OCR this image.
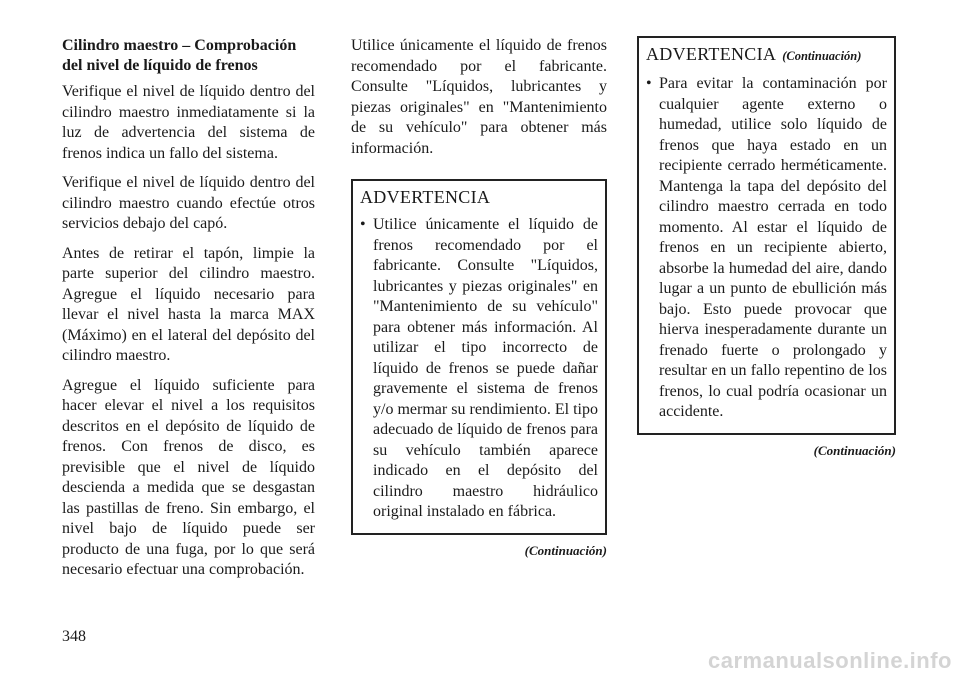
Cilindro maestro – Comprobación
del nivel de líquido de frenos

Verifique el nivel de líquido dentro del cilindro maestro inmediatamente si la luz de advertencia del sistema de frenos indica un fallo del sistema.

Verifique el nivel de líquido dentro del cilindro maestro cuando efectúe otros servicios debajo del capó.

Antes de retirar el tapón, limpie la parte superior del cilindro maestro. Agregue el líquido necesario para llevar el nivel hasta la marca MAX (Máximo) en el lateral del depósito del cilindro maestro.

Agregue el líquido suficiente para hacer elevar el nivel a los requisitos descritos en el depósito de líquido de frenos. Con frenos de disco, es previsible que el nivel de líquido descienda a medida que se desgastan las pastillas de freno. Sin embargo, el nivel bajo de líquido puede ser producto de una fuga, por lo que será necesario efectuar una comprobación.

Utilice únicamente el líquido de frenos recomendado por el fabricante. Consulte "Líquidos, lubricantes y piezas originales" en "Mantenimiento de su vehículo" para obtener más información.

ADVERTENCIA
• Utilice únicamente el líquido de frenos recomendado por el fabricante. Consulte "Líquidos, lubricantes y piezas originales" en "Mantenimiento de su vehículo" para obtener más información. Al utilizar el tipo incorrecto de líquido de frenos se puede dañar gravemente el sistema de frenos y/o mermar su rendimiento. El tipo adecuado de líquido de frenos para su vehículo también aparece indicado en el depósito del cilindro maestro hidráulico original instalado en fábrica.
(Continuación)
ADVERTENCIA (Continuación)
• Para evitar la contaminación por cualquier agente externo o humedad, utilice solo líquido de frenos que haya estado en un recipiente cerrado herméticamente. Mantenga la tapa del depósito del cilindro maestro cerrada en todo momento. Al estar el líquido de frenos en un recipiente abierto, absorbe la humedad del aire, dando lugar a un punto de ebullición más bajo. Esto puede provocar que hierva inesperadamente durante un frenado fuerte o prolongado y resultar en un fallo repentino de los frenos, lo cual podría ocasionar un accidente.
(Continuación)
348
carmanualsonline.info
